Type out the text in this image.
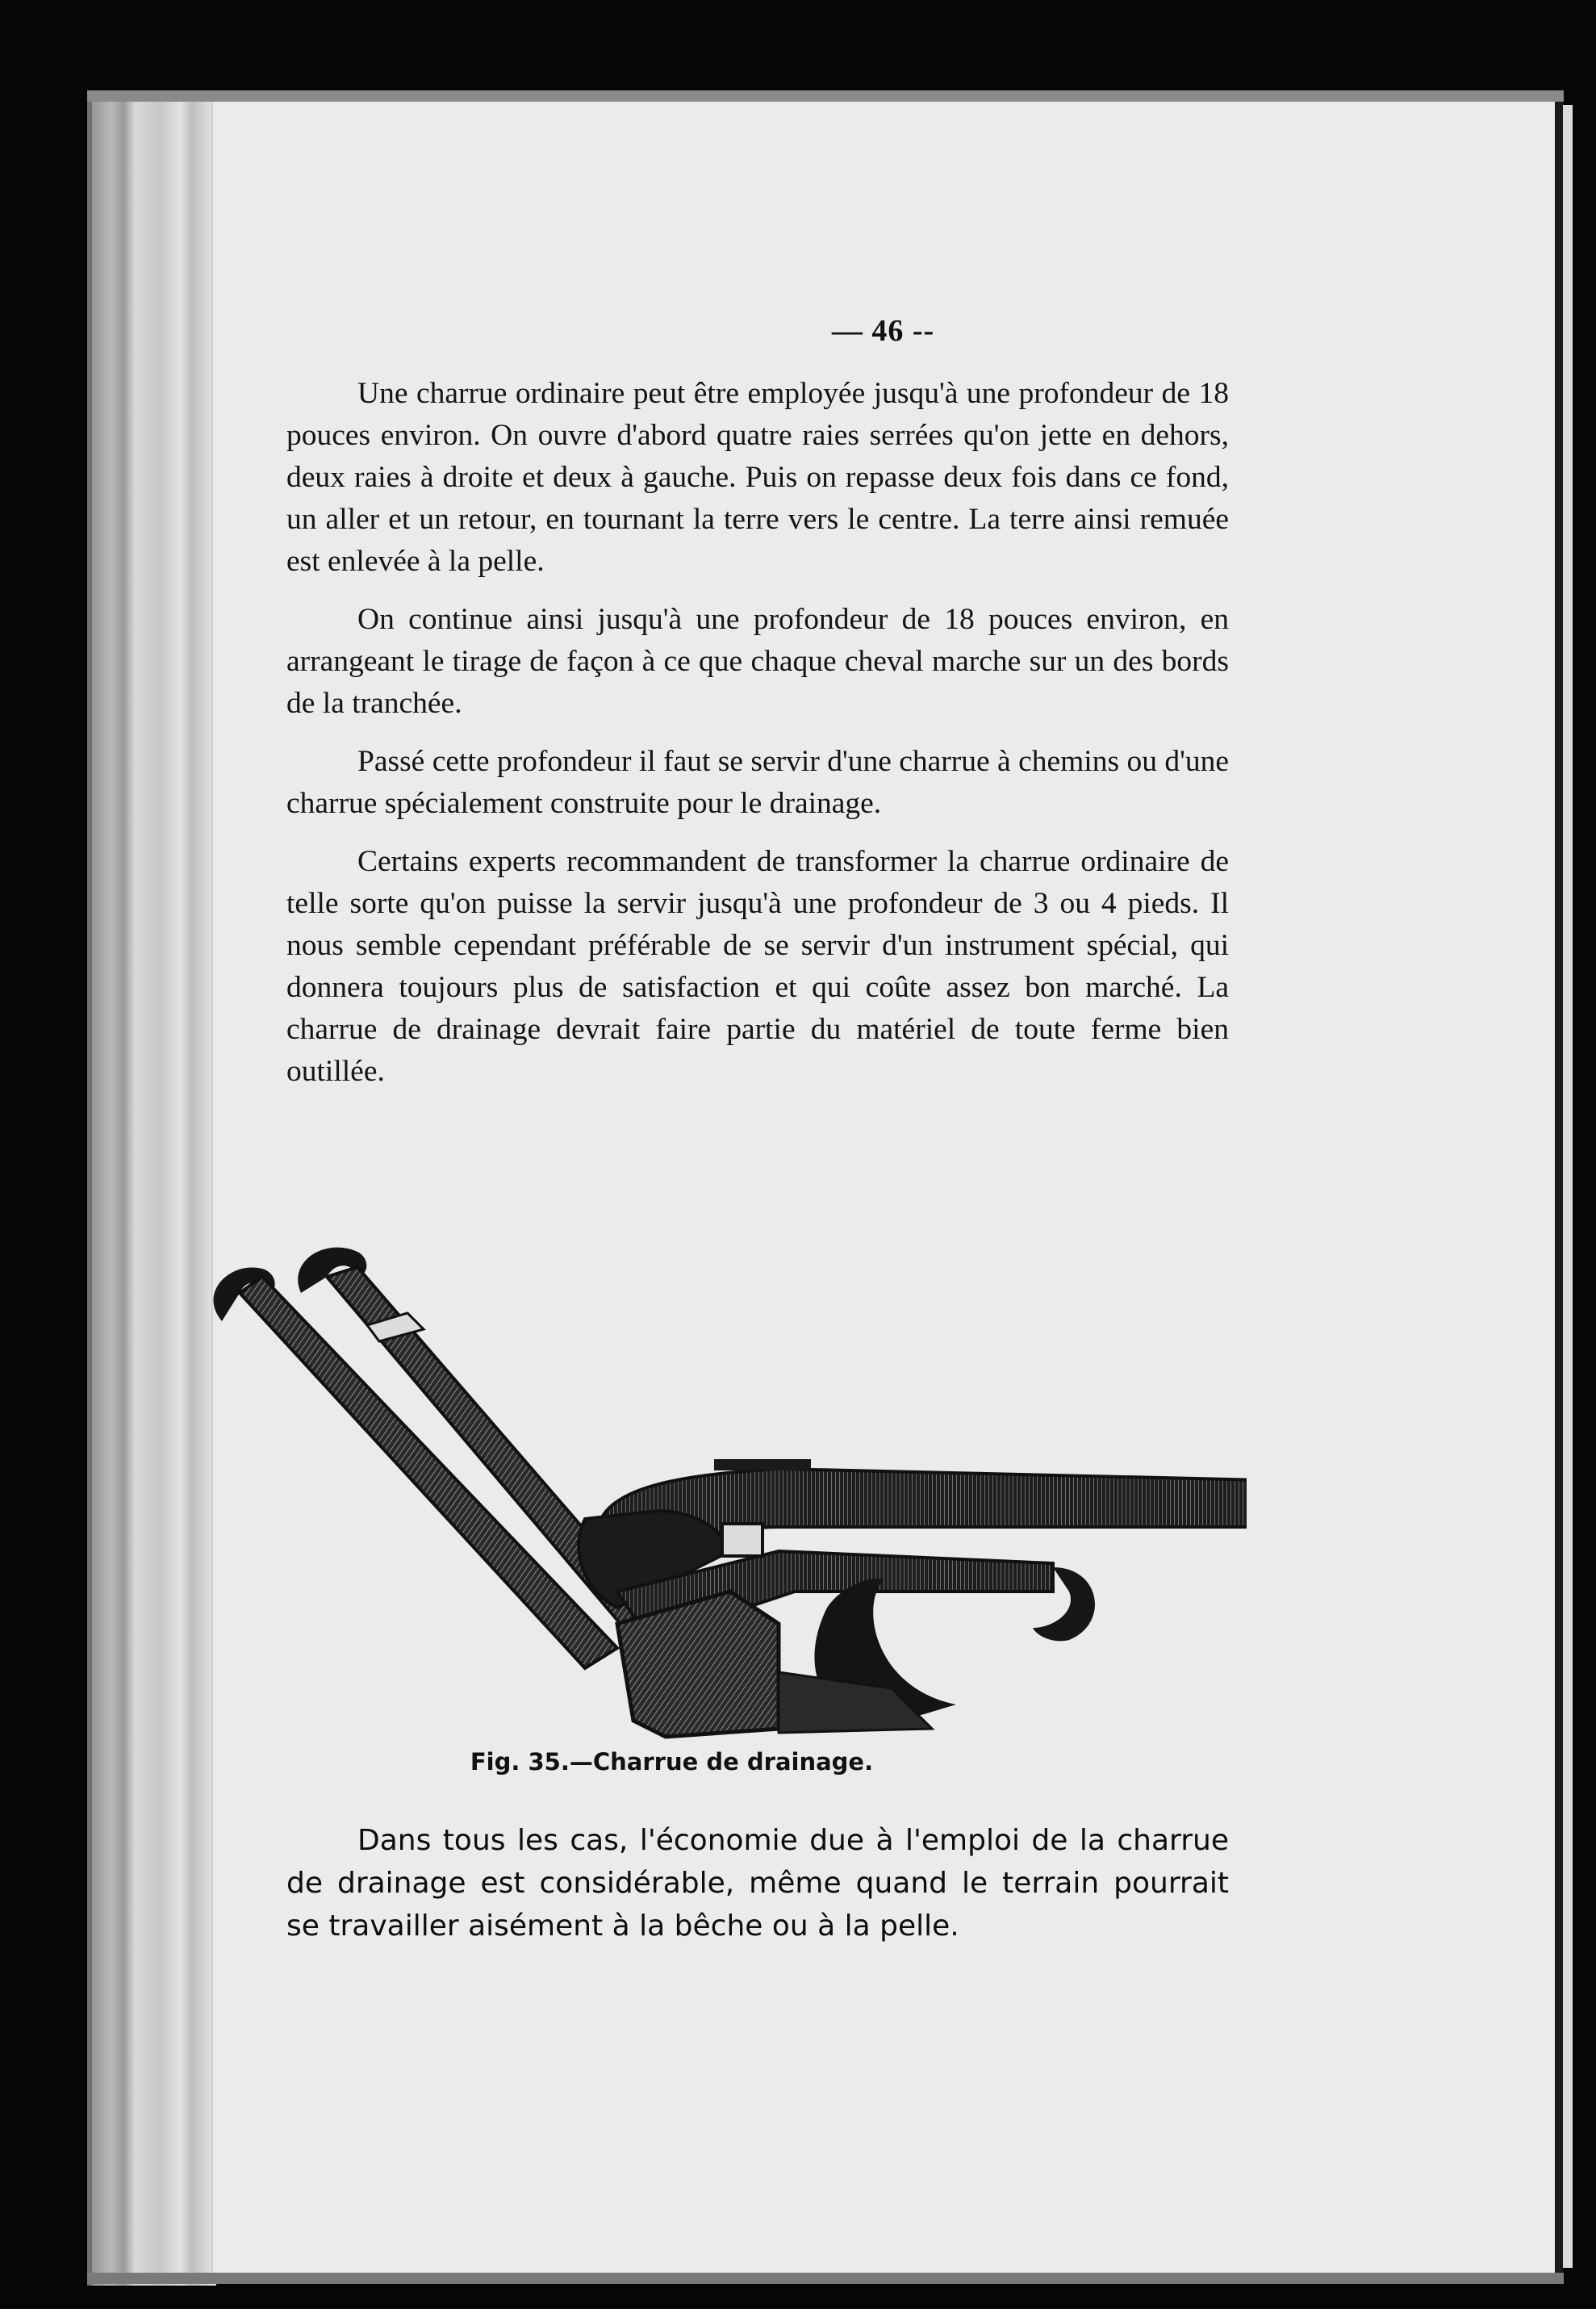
— 46 --

Une charrue ordinaire peut être employée jusqu'à une profondeur de 18 pouces environ. On ouvre d'abord quatre raies serrées qu'on jette en dehors, deux raies à droite et deux à gauche. Puis on repasse deux fois dans ce fond, un aller et un retour, en tournant la terre vers le centre. La terre ainsi remuée est enlevée à la pelle.

On continue ainsi jusqu'à une profondeur de 18 pouces environ, en arrangeant le tirage de façon à ce que chaque cheval marche sur un des bords de la tranchée.

Passé cette profondeur il faut se servir d'une charrue à chemins ou d'une charrue spécialement construite pour le drainage.

Certains experts recommandent de transformer la charrue ordinaire de telle sorte qu'on puisse la servir jusqu'à une profondeur de 3 ou 4 pieds. Il nous semble cependant préférable de se servir d'un instrument spécial, qui donnera toujours plus de satisfaction et qui coûte assez bon marché. La charrue de drainage devrait faire partie du matériel de toute ferme bien outillée.

Fig. 35.—Charrue de drainage.

Dans tous les cas, l'économie due à l'emploi de la charrue de drainage est considérable, même quand le terrain pourrait se travailler aisément à la bêche ou à la pelle.
